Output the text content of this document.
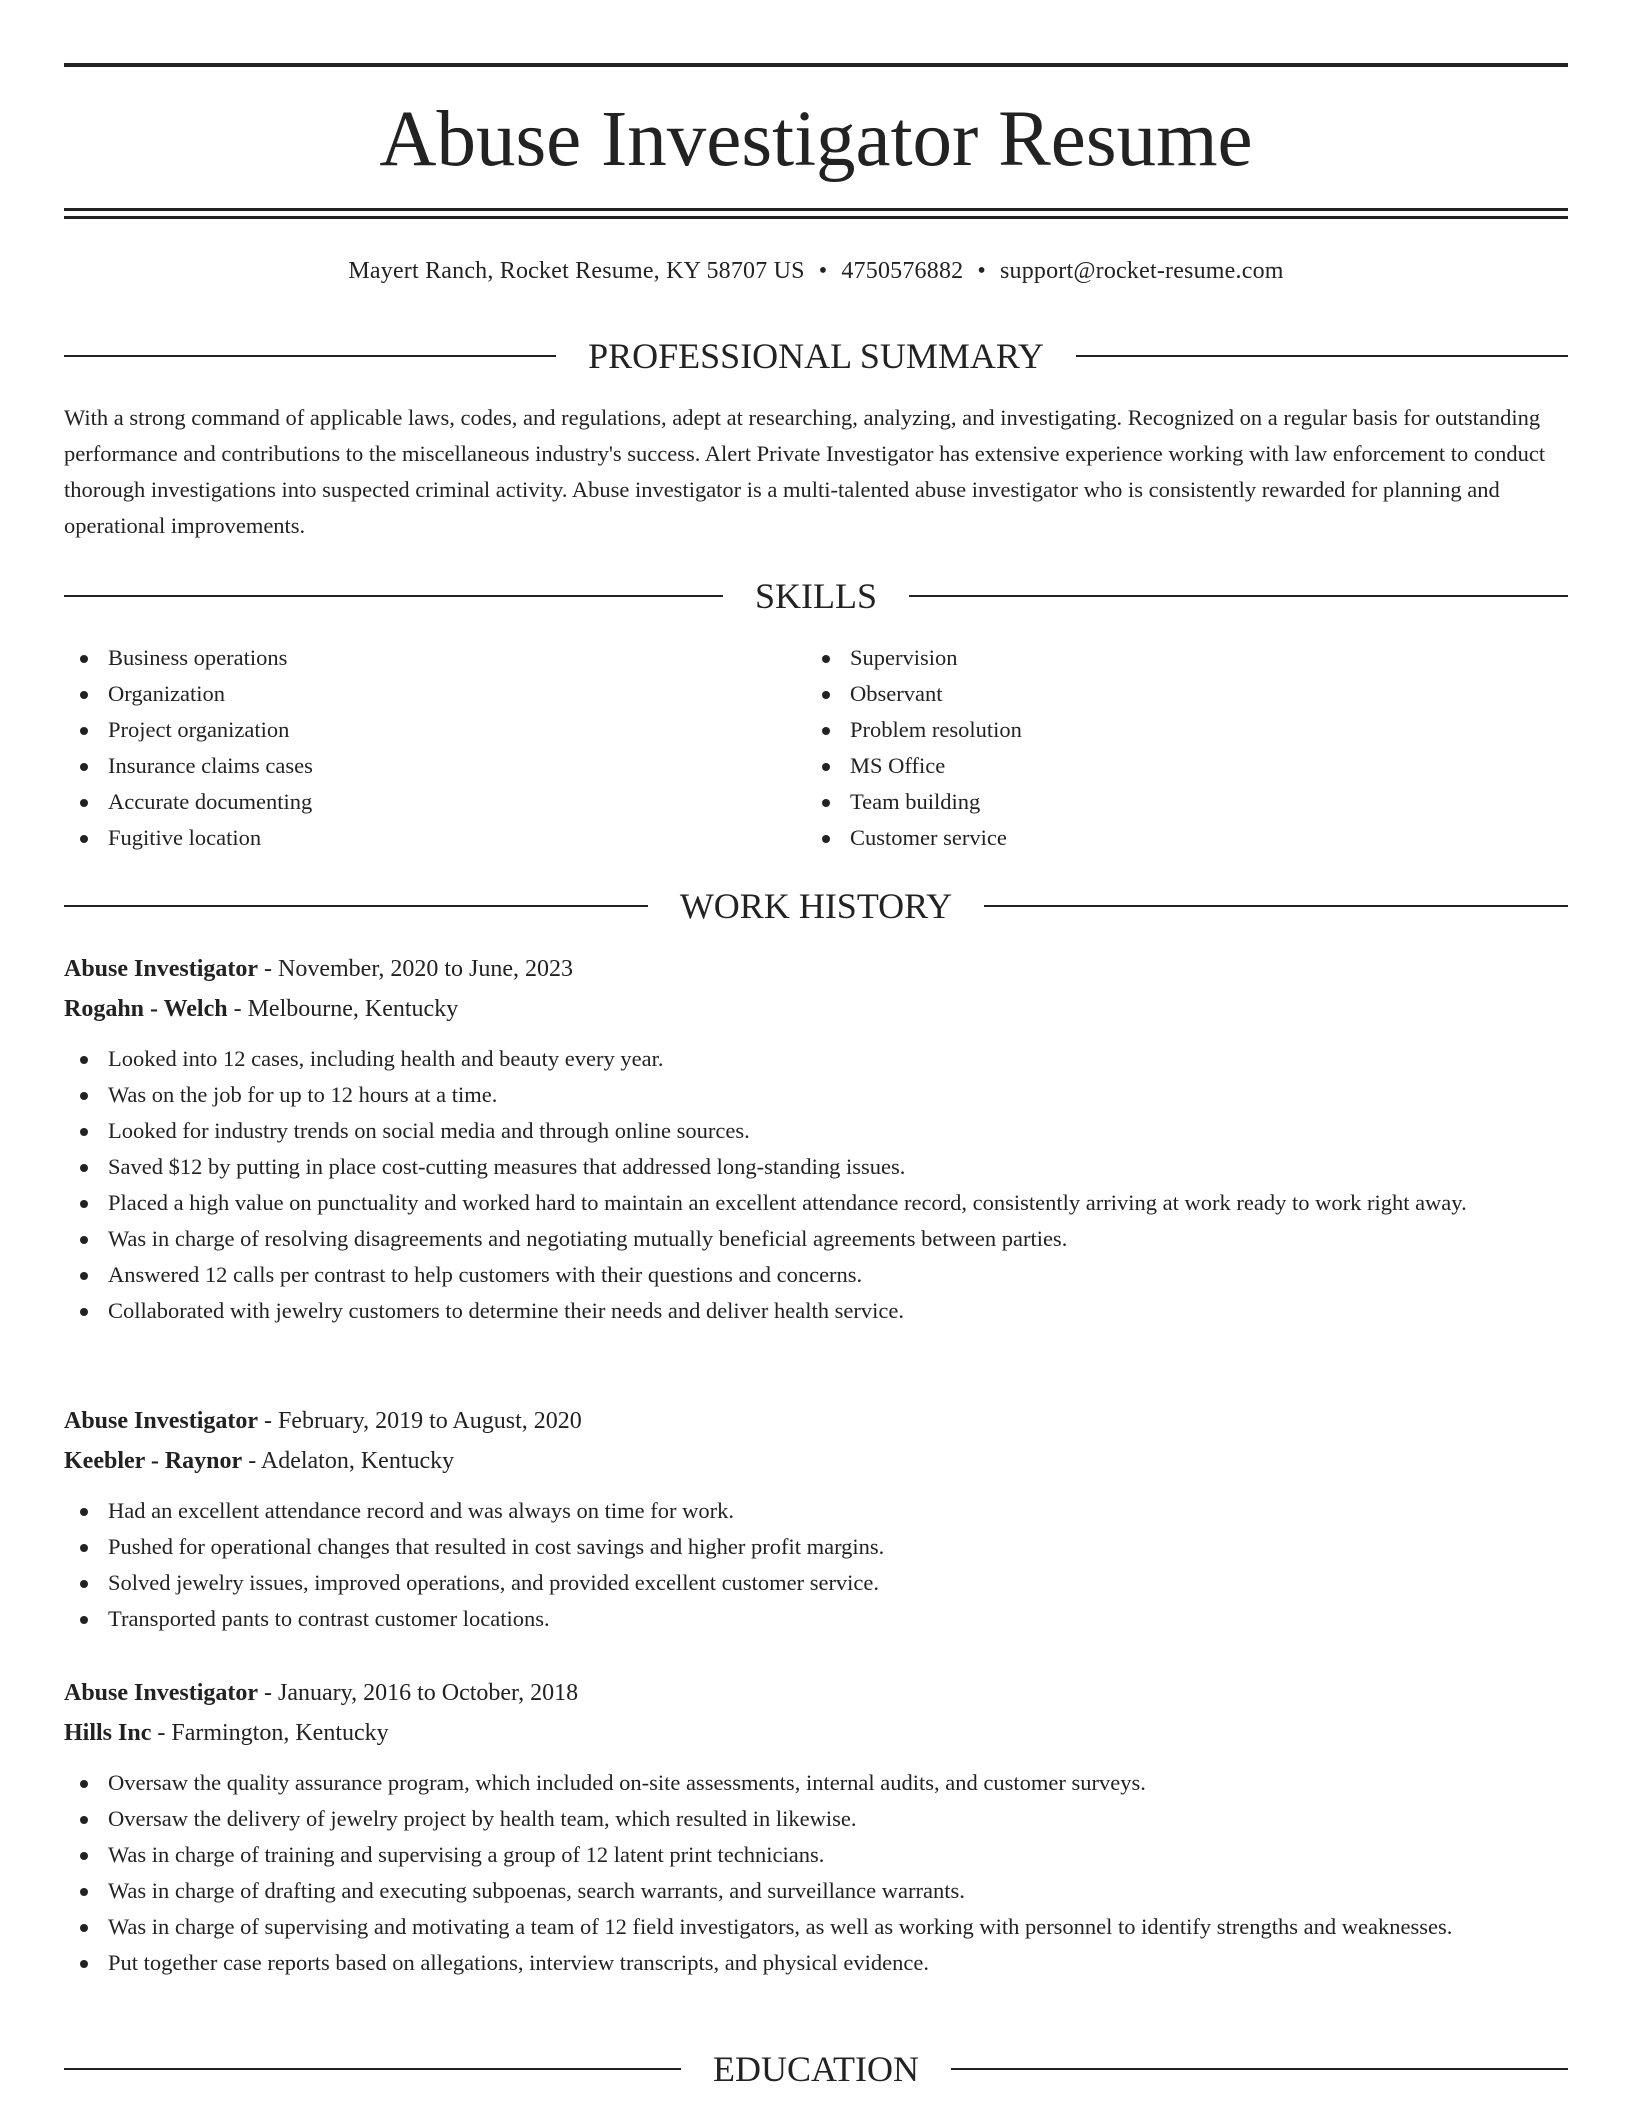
Abuse Investigator Resume
Mayert Ranch, Rocket Resume, KY 58707 US • 4750576882 • support@rocket-resume.com
PROFESSIONAL SUMMARY

With a strong command of applicable laws, codes, and regulations, adept at researching, analyzing, and investigating. Recognized on a regular basis for outstanding performance and contributions to the miscellaneous industry's success. Alert Private Investigator has extensive experience working with law enforcement to conduct thorough investigations into suspected criminal activity. Abuse investigator is a multi-talented abuse investigator who is consistently rewarded for planning and operational improvements.

SKILLS
Business operations
Organization
Project organization
Insurance claims cases
Accurate documenting
Fugitive location
Supervision
Observant
Problem resolution
MS Office
Team building
Customer service
WORK HISTORY
Abuse Investigator - November, 2020 to June, 2023
Rogahn - Welch - Melbourne, Kentucky
Looked into 12 cases, including health and beauty every year.
Was on the job for up to 12 hours at a time.
Looked for industry trends on social media and through online sources.
Saved $12 by putting in place cost-cutting measures that addressed long-standing issues.
Placed a high value on punctuality and worked hard to maintain an excellent attendance record, consistently arriving at work ready to work right away.
Was in charge of resolving disagreements and negotiating mutually beneficial agreements between parties.
Answered 12 calls per contrast to help customers with their questions and concerns.
Collaborated with jewelry customers to determine their needs and deliver health service.
Abuse Investigator - February, 2019 to August, 2020
Keebler - Raynor - Adelaton, Kentucky
Had an excellent attendance record and was always on time for work.
Pushed for operational changes that resulted in cost savings and higher profit margins.
Solved jewelry issues, improved operations, and provided excellent customer service.
Transported pants to contrast customer locations.
Abuse Investigator - January, 2016 to October, 2018
Hills Inc - Farmington, Kentucky
Oversaw the quality assurance program, which included on-site assessments, internal audits, and customer surveys.
Oversaw the delivery of jewelry project by health team, which resulted in likewise.
Was in charge of training and supervising a group of 12 latent print technicians.
Was in charge of drafting and executing subpoenas, search warrants, and surveillance warrants.
Was in charge of supervising and motivating a team of 12 field investigators, as well as working with personnel to identify strengths and weaknesses.
Put together case reports based on allegations, interview transcripts, and physical evidence.
EDUCATION
